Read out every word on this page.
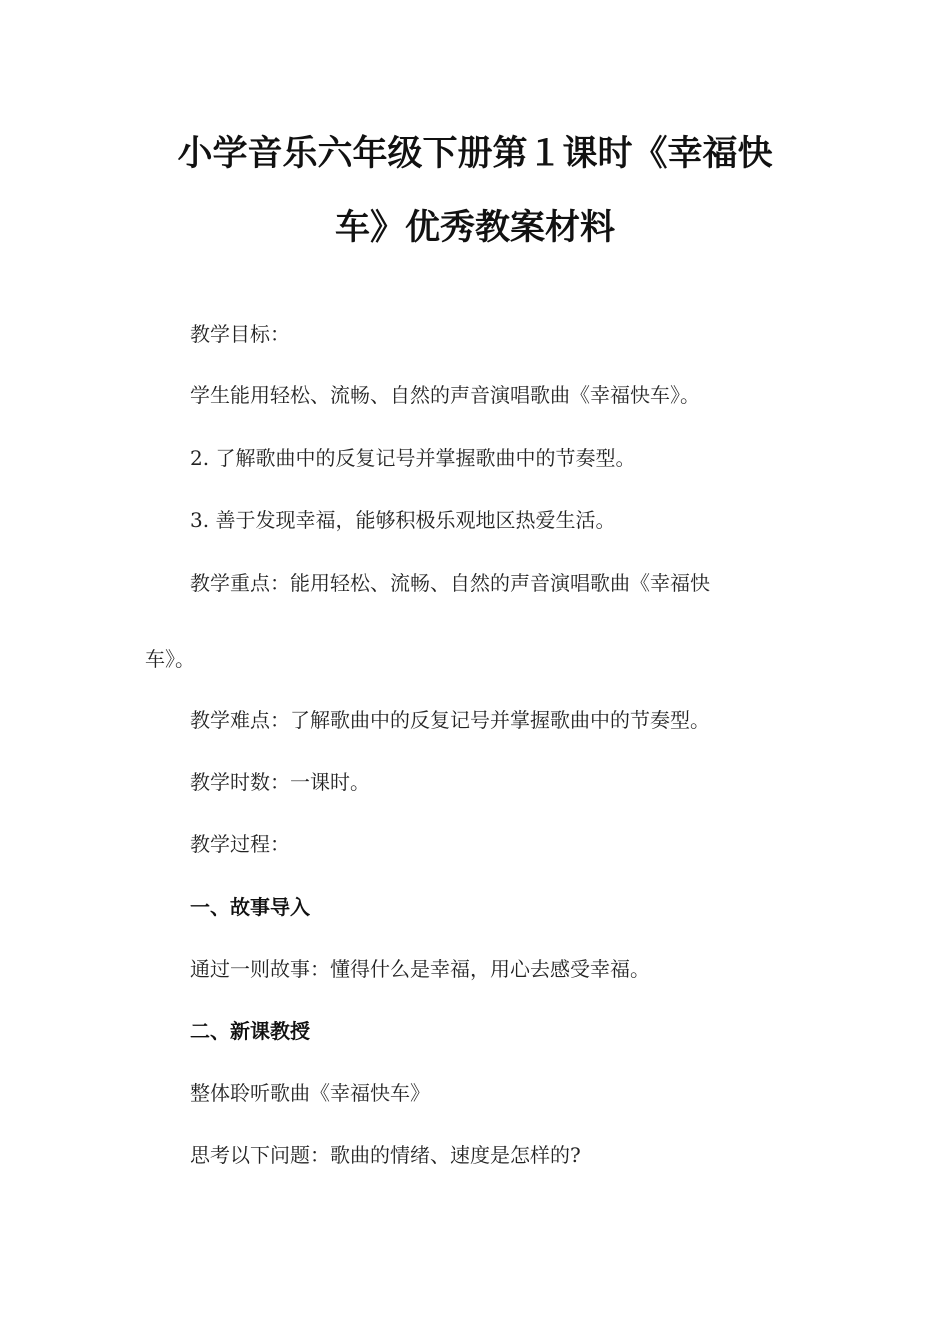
小学音乐六年级下册第１课时《幸福快
车》优秀教案材料

教学目标：

学生能用轻松、流畅、自然的声音演唱歌曲《幸福快车》。

2. 了解歌曲中的反复记号并掌握歌曲中的节奏型。

3. 善于发现幸福，能够积极乐观地区热爱生活。

教学重点：能用轻松、流畅、自然的声音演唱歌曲《幸福快

车》。

教学难点：了解歌曲中的反复记号并掌握歌曲中的节奏型。

教学时数：一课时。

教学过程：

一、故事导入

通过一则故事：懂得什么是幸福，用心去感受幸福。

二、新课教授

整体聆听歌曲《幸福快车》

思考以下问题：歌曲的情绪、速度是怎样的?
